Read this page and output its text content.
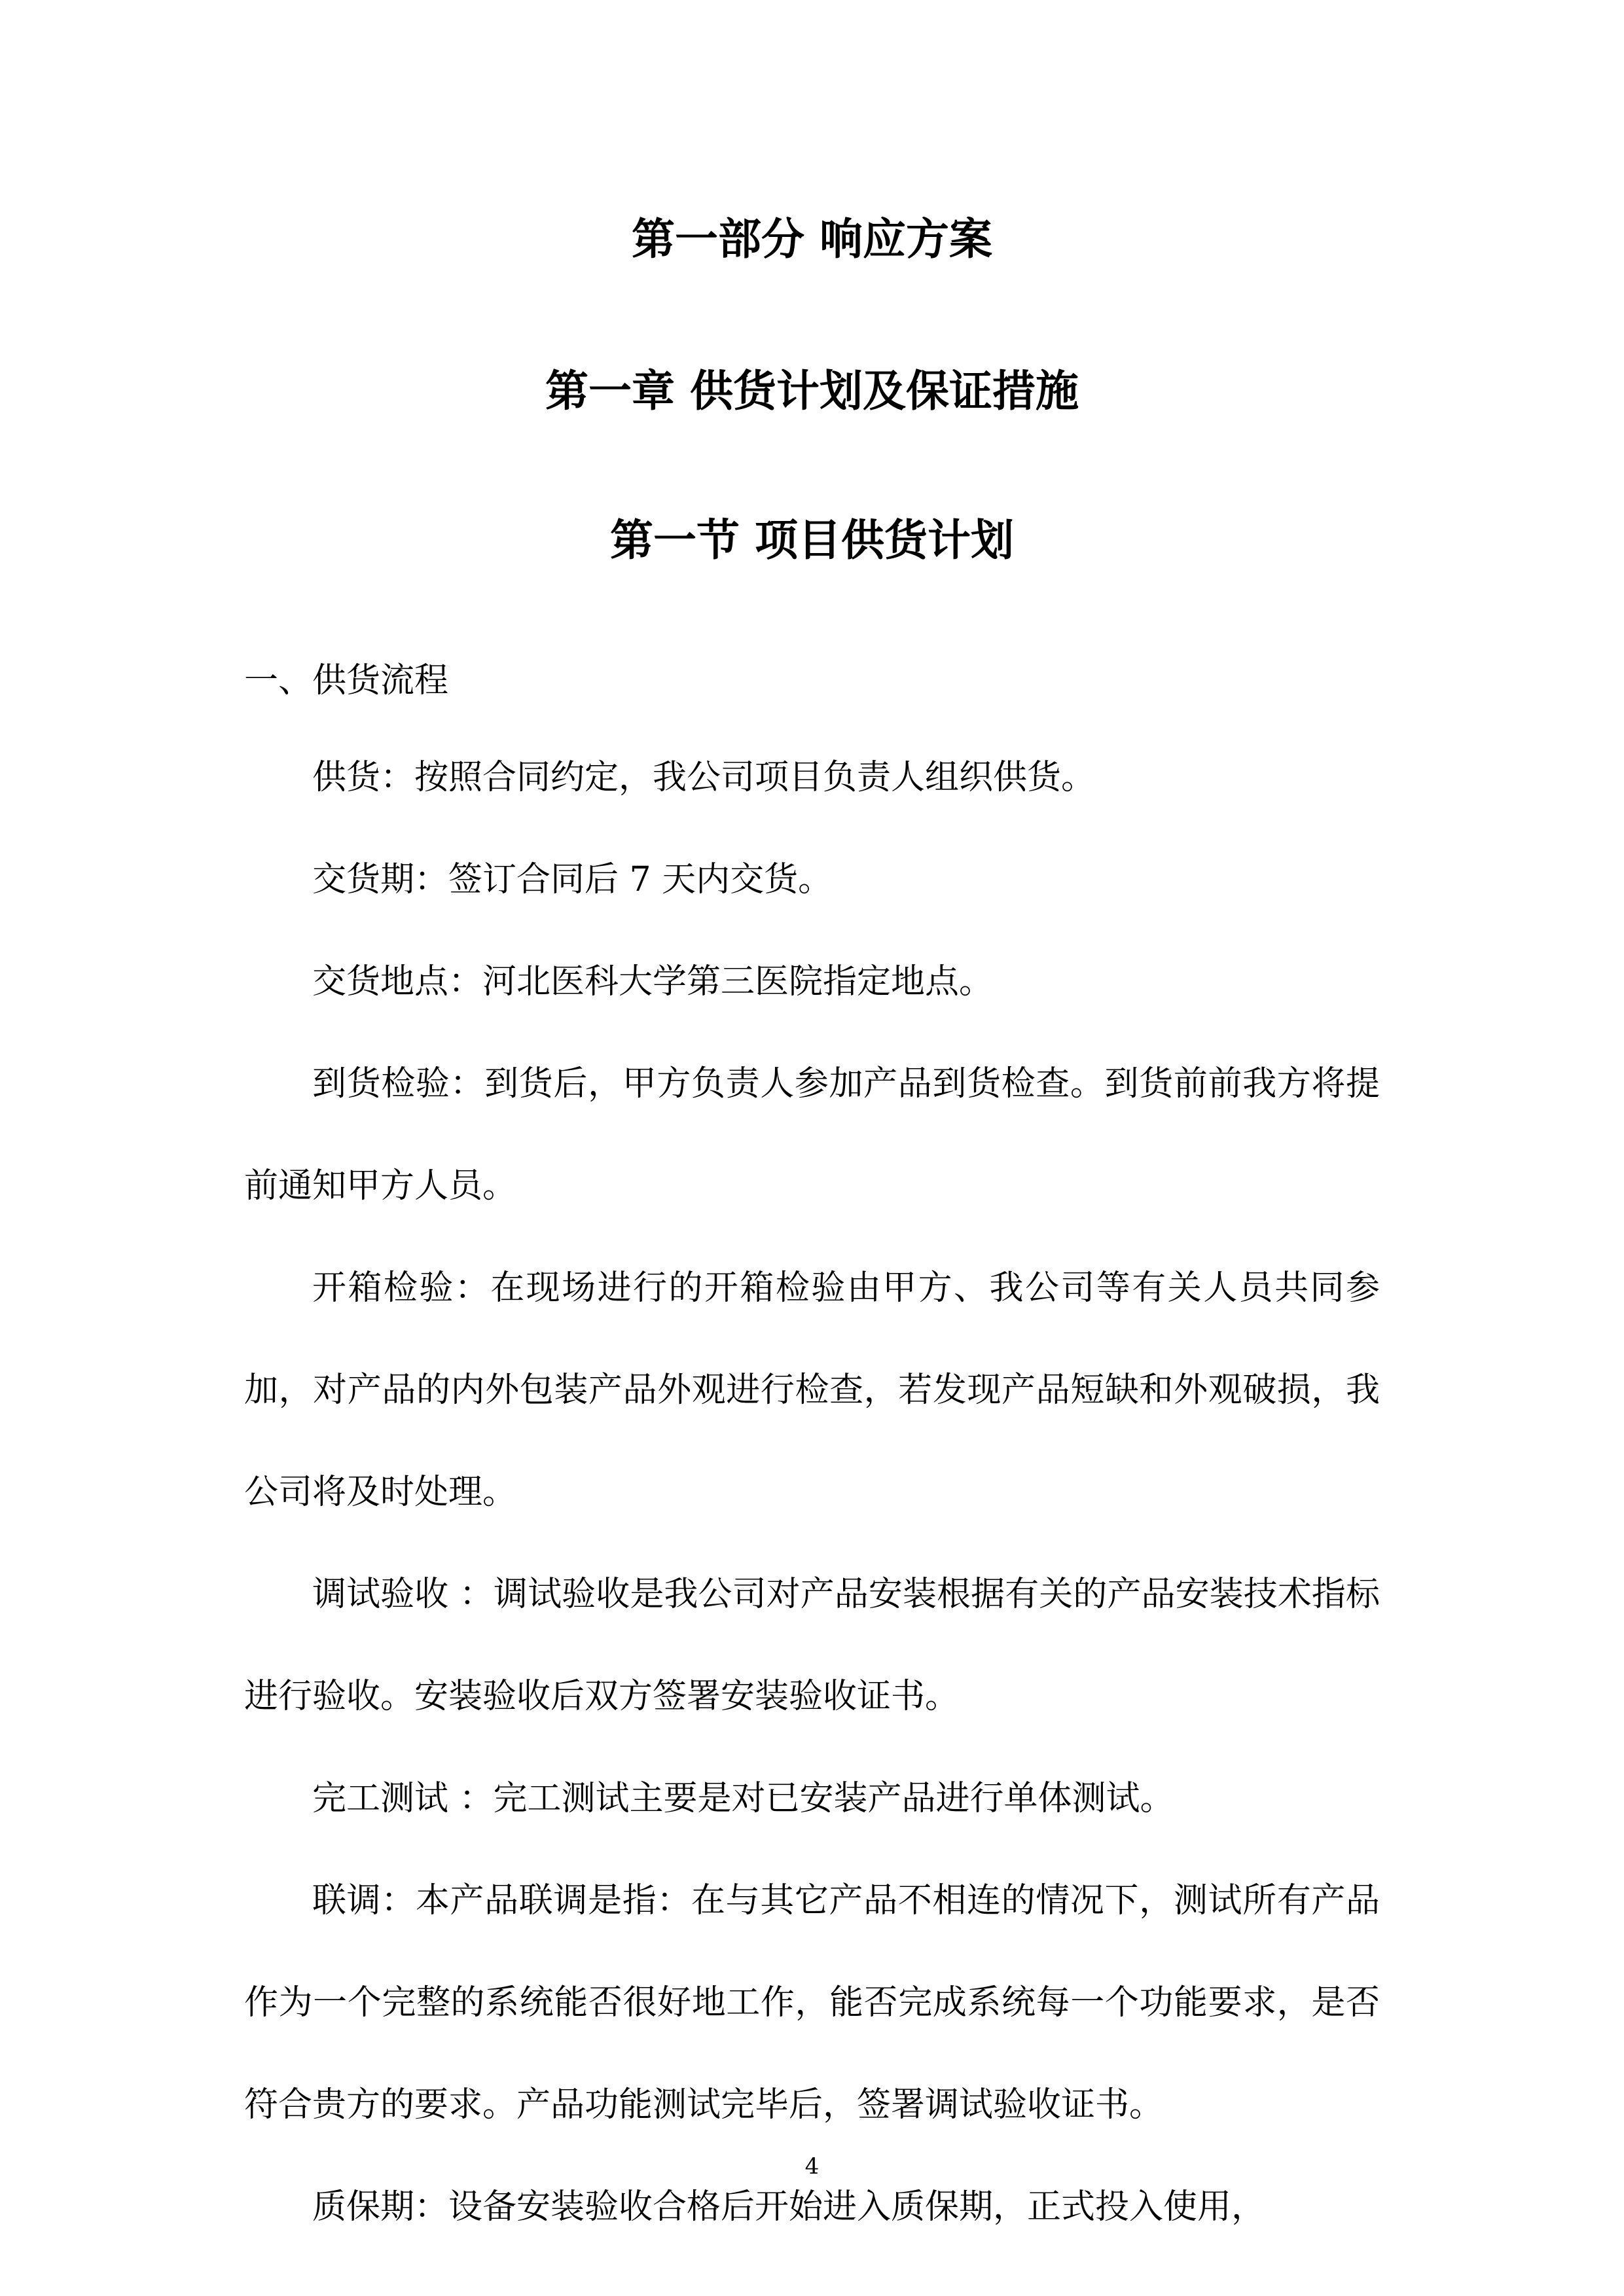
第一部分 响应方案
第一章 供货计划及保证措施
第一节 项目供货计划
一、供货流程

供货：按照合同约定，我公司项目负责人组织供货。

交货期：签订合同后 7 天内交货。

交货地点：河北医科大学第三医院指定地点。

到货检验：到货后，甲方负责人参加产品到货检查。到货前前我方将提前通知甲方人员。

开箱检验：在现场进行的开箱检验由甲方、我公司等有关人员共同参加，对产品的内外包装产品外观进行检查，若发现产品短缺和外观破损，我公司将及时处理。

调试验收 ：调试验收是我公司对产品安装根据有关的产品安装技术指标进行验收。安装验收后双方签署安装验收证书。

完工测试 ：完工测试主要是对已安装产品进行单体测试。

联调：本产品联调是指：在与其它产品不相连的情况下，测试所有产品作为一个完整的系统能否很好地工作，能否完成系统每一个功能要求，是否符合贵方的要求。产品功能测试完毕后，签署调试验收证书。

质保期：设备安装验收合格后开始进入质保期，正式投入使用，

4
